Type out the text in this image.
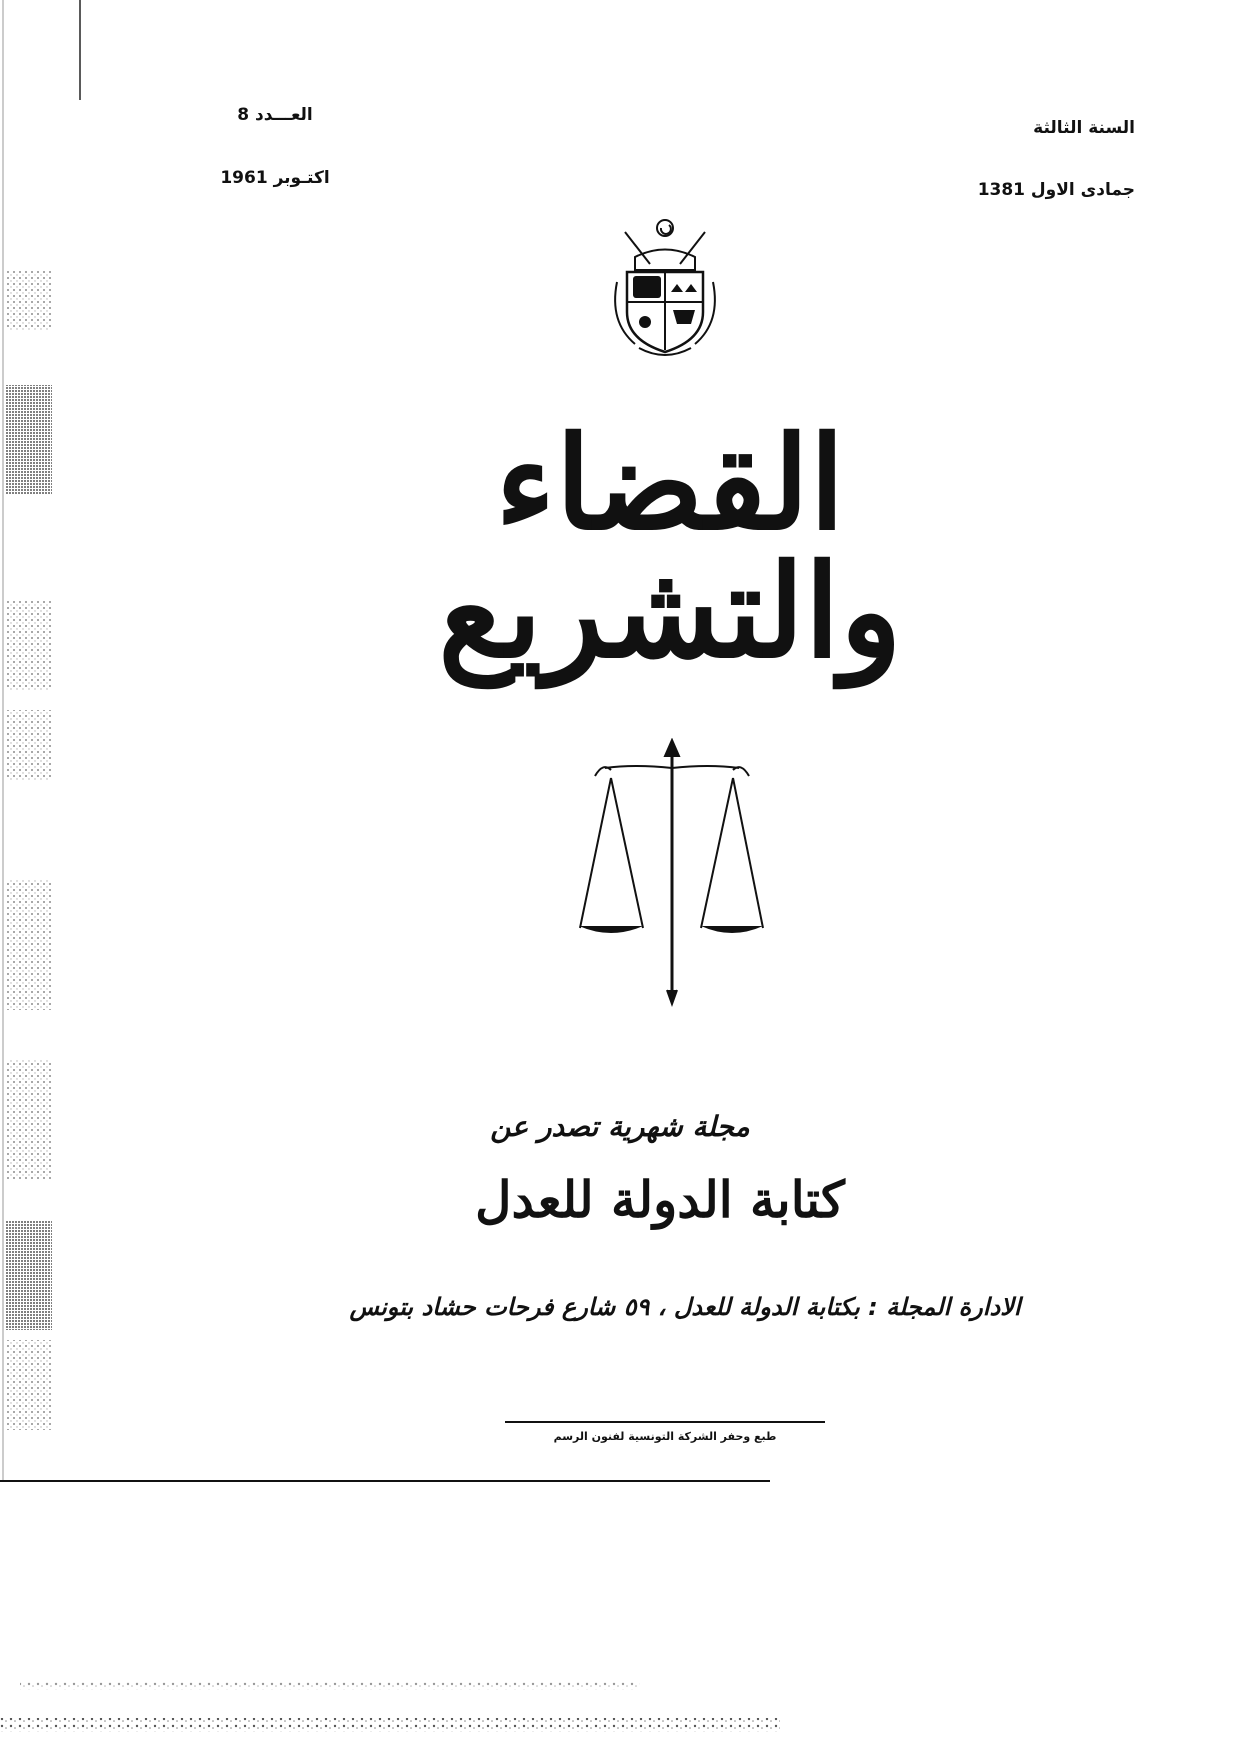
السنة الثالثة
جمادى الاول 1381
العـــدد 8
اكتـوبر 1961
القضاء والتشريع
مجلة شهرية تصدر عن
كتابة الدولة للعدل
الادارة المجلة : بكتابة الدولة للعدل ، ٥٩ شارع فرحات حشاد بتونس
طبع وحفر الشركة التونسية لفنون الرسم
